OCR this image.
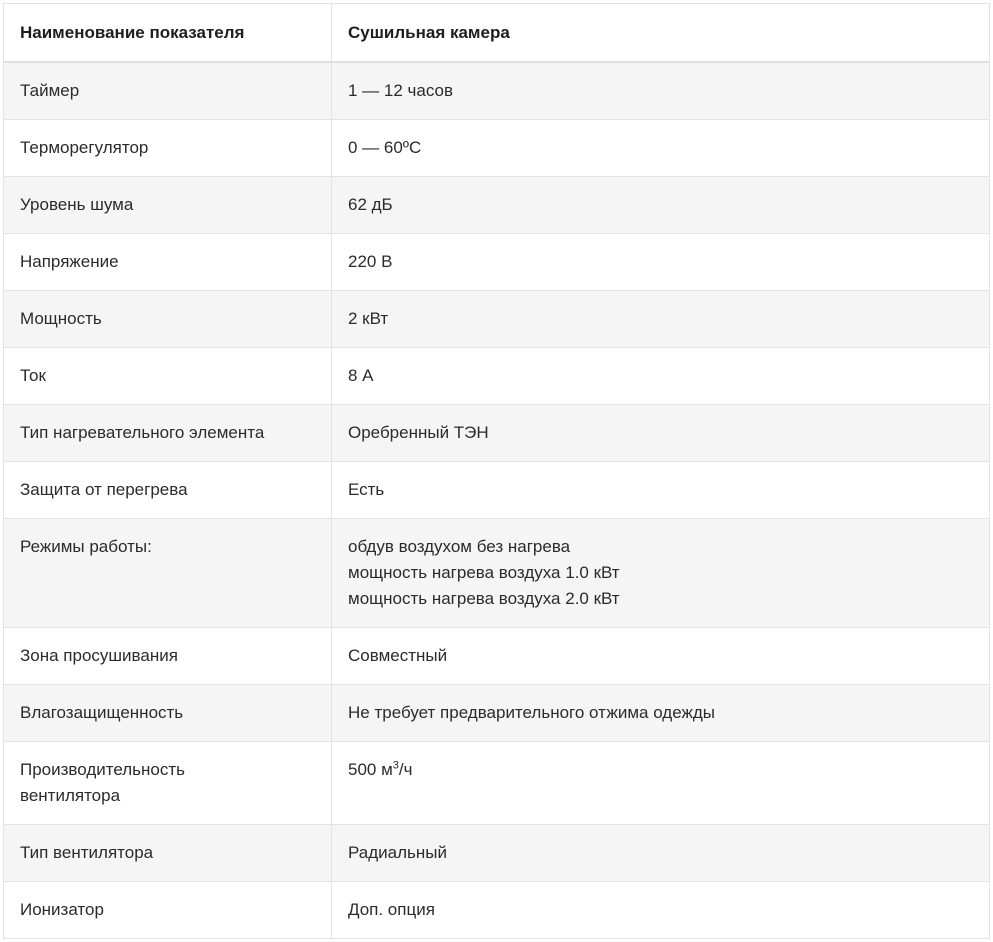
Наименование показателя	Сушильная камера
Таймер	1 — 12 часов
Терморегулятор	0 — 60ºС
Уровень шума	62 дБ
Напряжение	220 В
Мощность	2 кВт
Ток	8 А
Тип нагревательного элемента	Оребренный ТЭН
Защита от перегрева	Есть
Режимы работы:	обдув воздухом без нагрева
мощность нагрева воздуха 1.0 кВт
мощность нагрева воздуха 2.0 кВт

Зона просушивания	Совместный
Влагозащищенность	Не требует предварительного отжима одежды

Производительность
вентилятора	500 $м^3/ч$
Тип вентилятора	Радиальный
Ионизатор	Доп. опция
